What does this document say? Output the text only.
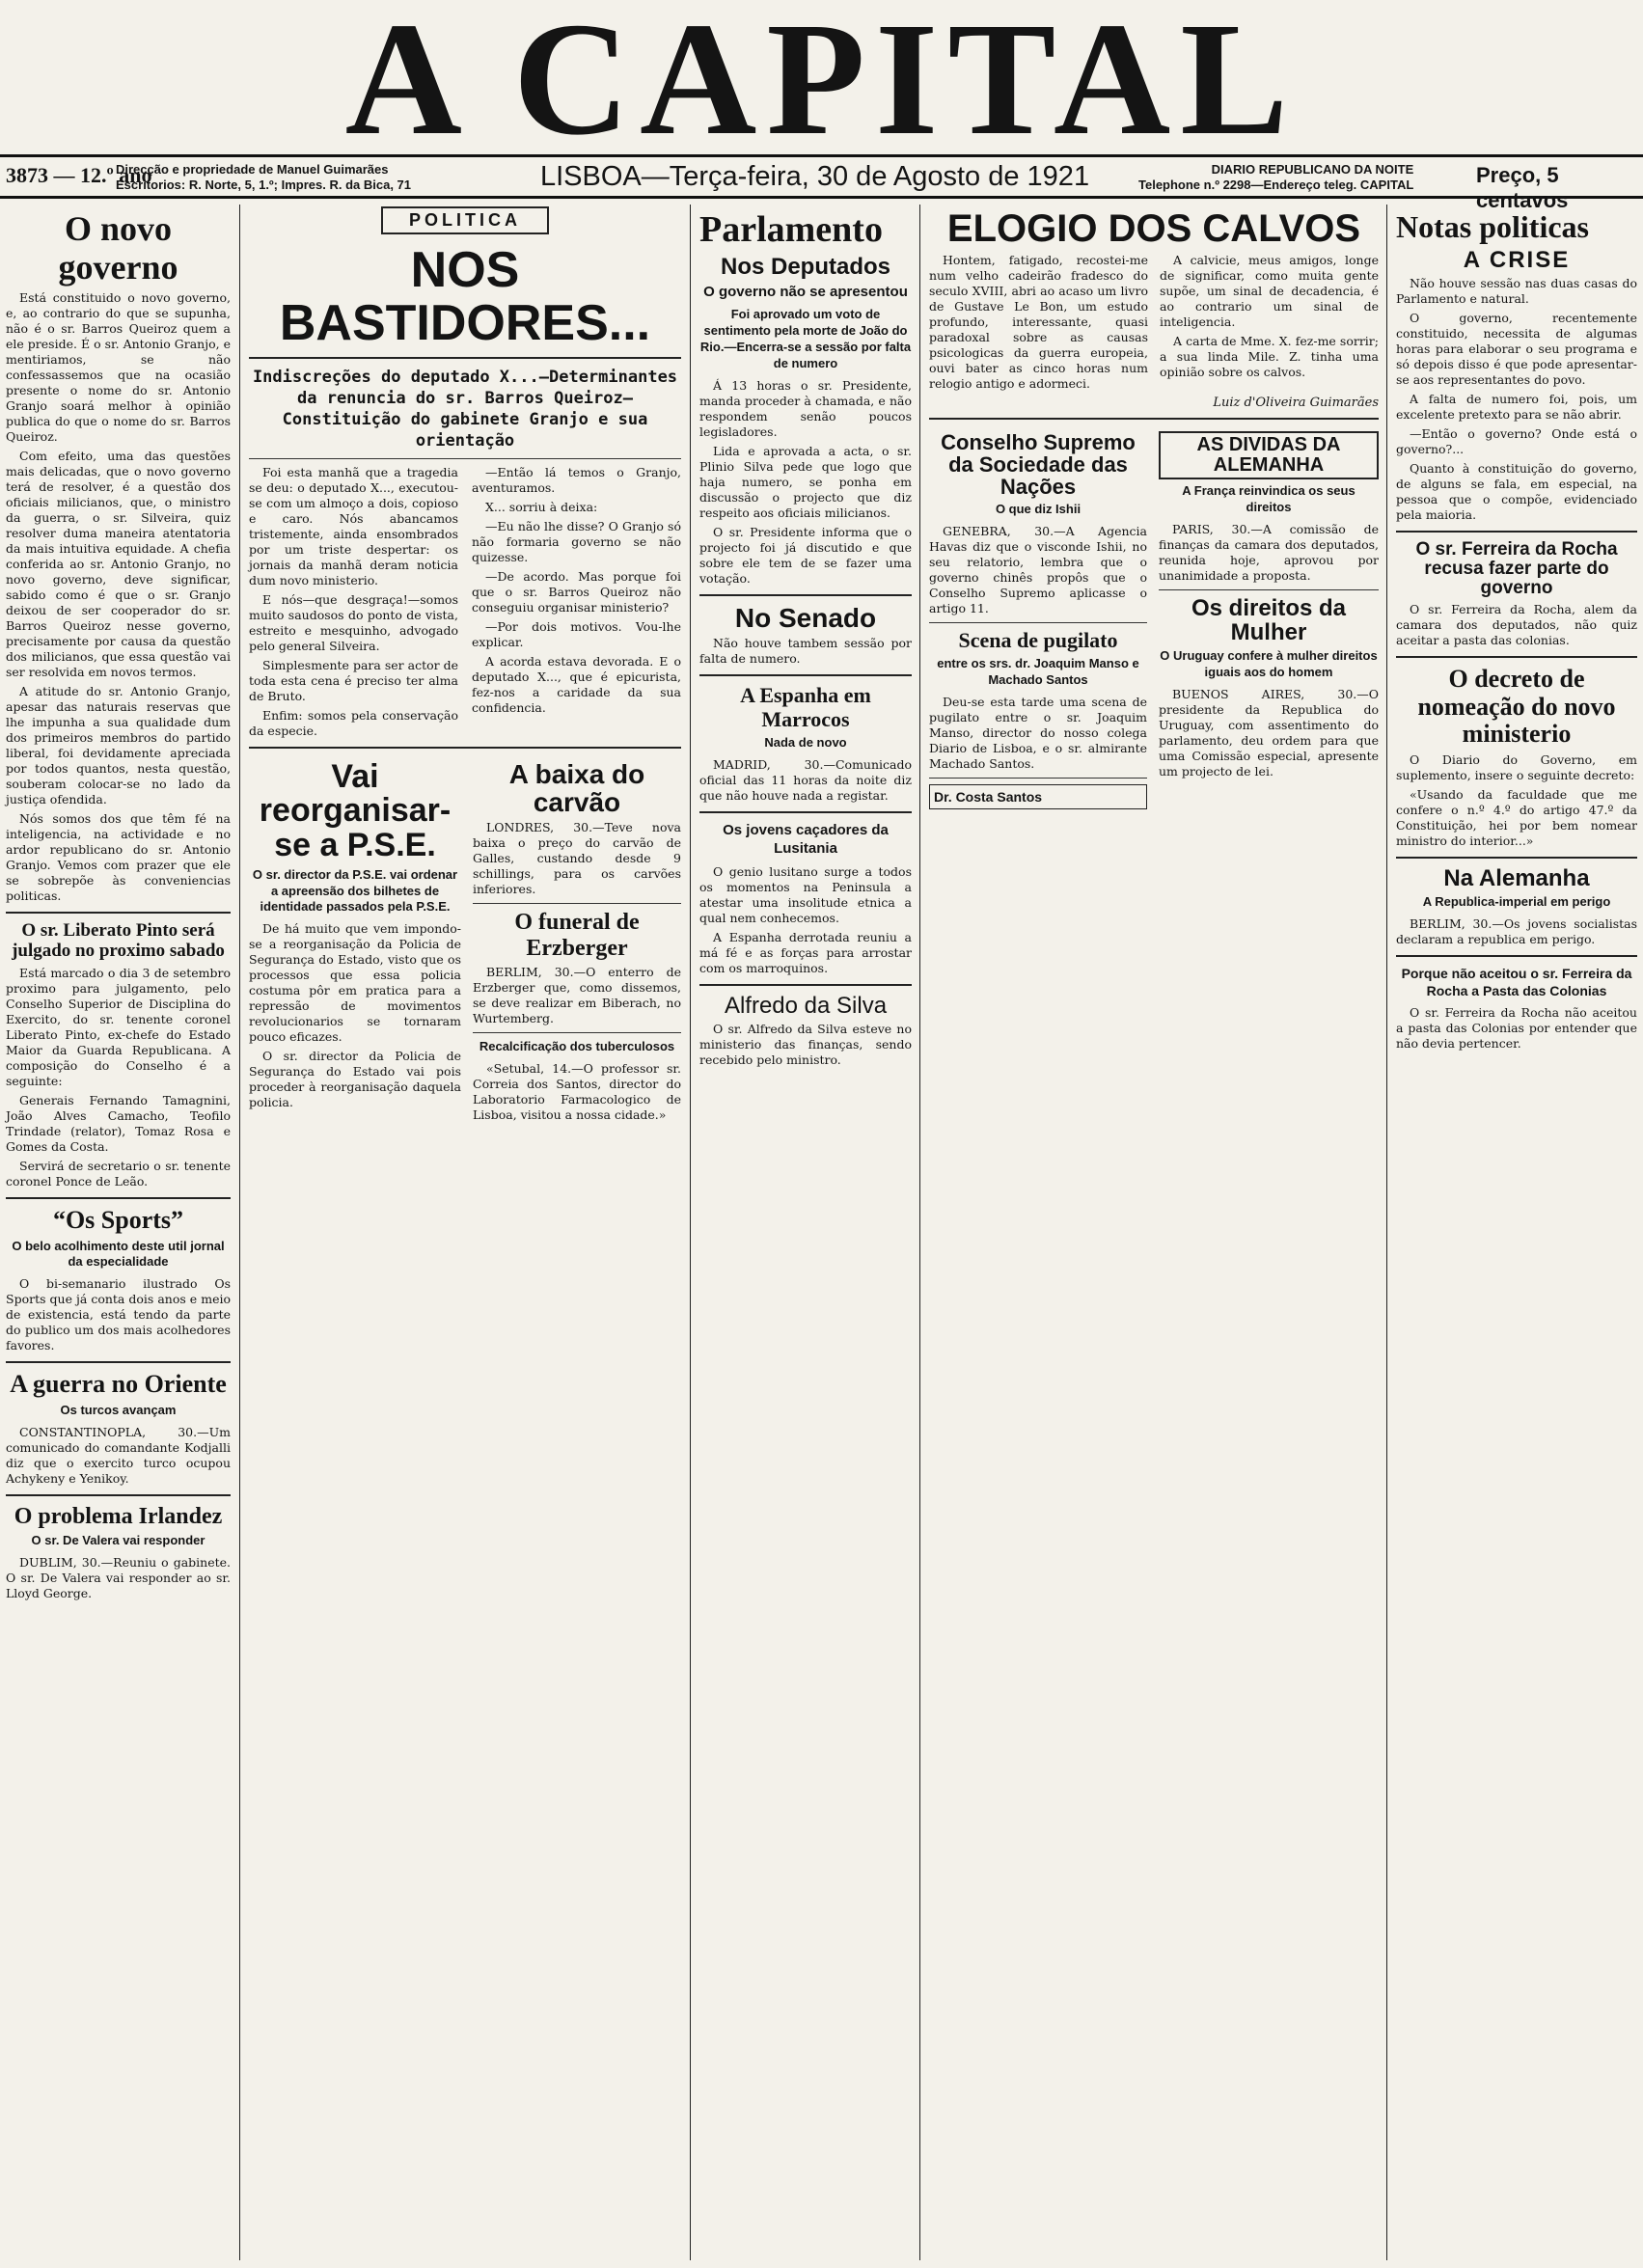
A CAPITAL
3873 — 12.º ano
Direcção e propriedade de Manuel Guimarães
Escritorios: R. Norte, 5, 1.º; Impres. R. da Bica, 71	LISBOA—Terça-feira, 30 de Agosto de 1921	DIARIO REPUBLICANO DA NOITE
Telephone n.º 2298—Endereço teleg. CAPITAL	Preço, 5 centavos
O novo governo

Está constituido o novo governo, e, ao contrario do que se supunha, não é o sr. Barros Queiroz quem a ele preside. É o sr. Antonio Granjo, e mentiriamos, se não confessassemos que na ocasião presente o nome do sr. Antonio Granjo soará melhor à opinião publica do que o nome do sr. Barros Queiroz.

Com efeito, uma das questões mais delicadas, que o novo governo terá de resolver, é a questão dos oficiais milicianos, que, o ministro da guerra, o sr. Silveira, quiz resolver duma maneira atentatoria da mais intuitiva equidade. A chefia conferida ao sr. Antonio Granjo, no novo governo, deve significar, sabido como é que o sr. Granjo deixou de ser cooperador do sr. Barros Queiroz nesse governo, precisamente por causa da questão dos milicianos, que essa questão vai ser resolvida em novos termos.

A atitude do sr. Antonio Granjo, apesar das naturais reservas que lhe impunha a sua qualidade dum dos primeiros membros do partido liberal, foi devidamente apreciada por todos quantos, nesta questão, souberam colocar-se no lado da justiça ofendida.

Nós somos dos que têm fé na inteligencia, na actividade e no ardor republicano do sr. Antonio Granjo. Vemos com prazer que ele se sobrepõe às conveniencias politicas.

O sr. Liberato Pinto será julgado no proximo sabado

Está marcado o dia 3 de setembro proximo para julgamento, pelo Conselho Superior de Disciplina do Exercito, do sr. tenente coronel Liberato Pinto, ex-chefe do Estado Maior da Guarda Republicana. A composição do Conselho é a seguinte:

Generais Fernando Tamagnini, João Alves Camacho, Teofilo Trindade (relator), Tomaz Rosa e Gomes da Costa.

Servirá de secretario o sr. tenente coronel Ponce de Leão.

“Os Sports”
O belo acolhimento deste util jornal da especialidade

O bi-semanario ilustrado Os Sports que já conta dois anos e meio de existencia, está tendo da parte do publico um dos mais acolhedores favores.

A guerra no Oriente
Os turcos avançam

CONSTANTINOPLA, 30.—Um comunicado do comandante Kodjalli diz que o exercito turco ocupou Achykeny e Yenikoy.

O problema Irlandez
O sr. De Valera vai responder

DUBLIM, 30.—Reuniu o gabinete. O sr. De Valera vai responder ao sr. Lloyd George.

POLITICA
NOS BASTIDORES...
Indiscreções do deputado X...—Determinantes da renuncia do sr. Barros Queiroz—Constituição do gabinete Granjo e sua orientação

Foi esta manhã que a tragedia se deu: o deputado X..., executou-se com um almoço a dois, copioso e caro. Nós abancamos tristemente, ainda ensombrados por um triste despertar: os jornais da manhã deram noticia dum novo ministerio.

E nós—que desgraça!—somos muito saudosos do ponto de vista, estreito e mesquinho, advogado pelo general Silveira.

Simplesmente para ser actor de toda esta cena é preciso ter alma de Bruto.

Enfim: somos pela conservação da especie.

—Então lá temos o Granjo, aventuramos.

X... sorriu à deixa:

—Eu não lhe disse? O Granjo só não formaria governo se não quizesse.

—De acordo. Mas porque foi que o sr. Barros Queiroz não conseguiu organisar ministerio?

—Por dois motivos. Vou-lhe explicar.

A acorda estava devorada. E o deputado X..., que é epicurista, fez-nos a caridade da sua confidencia.

Vai reorganisar-se a P.S.E.
O sr. director da P.S.E. vai ordenar a apreensão dos bilhetes de identidade passados pela P.S.E.

De há muito que vem impondo-se a reorganisação da Policia de Segurança do Estado, visto que os processos que essa policia costuma pôr em pratica para a repressão de movimentos revolucionarios se tornaram pouco eficazes.

O sr. director da Policia de Segurança do Estado vai pois proceder à reorganisação daquela policia.

A baixa do carvão

LONDRES, 30.—Teve nova baixa o preço do carvão de Galles, custando desde 9 schillings, para os carvões inferiores.

O funeral de Erzberger

BERLIM, 30.—O enterro de Erzberger que, como dissemos, se deve realizar em Biberach, no Wurtemberg.

Recalcificação dos tuberculosos

«Setubal, 14.—O professor sr. Correia dos Santos, director do Laboratorio Farmacologico de Lisboa, visitou a nossa cidade.»

Parlamento
Nos Deputados
O governo não se apresentou
Foi aprovado um voto de sentimento pela morte de João do Rio.—Encerra-se a sessão por falta de numero

Á 13 horas o sr. Presidente, manda proceder à chamada, e não respondem senão poucos legisladores.

Lida e aprovada a acta, o sr. Plinio Silva pede que logo que haja numero, se ponha em discussão o projecto que diz respeito aos oficiais milicianos.

O sr. Presidente informa que o projecto foi já discutido e que sobre ele tem de se fazer uma votação.

No Senado

Não houve tambem sessão por falta de numero.

A Espanha em Marrocos
Nada de novo

MADRID, 30.—Comunicado oficial das 11 horas da noite diz que não houve nada a registar.

Os jovens caçadores da Lusitania

O genio lusitano surge a todos os momentos na Peninsula a atestar uma insolitude etnica a qual nem conhecemos.

A Espanha derrotada reuniu a má fé e as forças para arrostar com os marroquinos.

Alfredo da Silva

O sr. Alfredo da Silva esteve no ministerio das finanças, sendo recebido pelo ministro.

ELOGIO DOS CALVOS

Hontem, fatigado, recostei-me num velho cadeirão fradesco do seculo XVIII, abri ao acaso um livro de Gustave Le Bon, um estudo profundo, interessante, quasi paradoxal sobre as causas psicologicas da guerra europeia, ouvi bater as cinco horas num relogio antigo e adormeci.

A calvicie, meus amigos, longe de significar, como muita gente supõe, um sinal de decadencia, é ao contrario um sinal de inteligencia.

A carta de Mme. X. fez-me sorrir; a sua linda Mile. Z. tinha uma opinião sobre os calvos.

Luiz d'Oliveira Guimarães
Conselho Supremo da Sociedade das Nações
O que diz Ishii

GENEBRA, 30.—A Agencia Havas diz que o visconde Ishii, no seu relatorio, lembra que o governo chinês propôs que o Conselho Supremo aplicasse o artigo 11.

Scena de pugilato
entre os srs. dr. Joaquim Manso e Machado Santos

Deu-se esta tarde uma scena de pugilato entre o sr. Joaquim Manso, director do nosso colega Diario de Lisboa, e o sr. almirante Machado Santos.

Dr. Costa Santos
AS DIVIDAS DA ALEMANHA
A França reinvindica os seus direitos

PARIS, 30.—A comissão de finanças da camara dos deputados, reunida hoje, aprovou por unanimidade a proposta.

Os direitos da Mulher
O Uruguay confere à mulher direitos iguais aos do homem

BUENOS AIRES, 30.—O presidente da Republica do Uruguay, com assentimento do parlamento, deu ordem para que uma Comissão especial, apresente um projecto de lei.

Notas politicas
A CRISE

Não houve sessão nas duas casas do Parlamento e natural.

O governo, recentemente constituido, necessita de algumas horas para elaborar o seu programa e só depois disso é que pode apresentar-se aos representantes do povo.

A falta de numero foi, pois, um excelente pretexto para se não abrir.

—Então o governo? Onde está o governo?...

Quanto à constituição do governo, de alguns se fala, em especial, na pessoa que o compõe, evidenciado pela maioria.

O sr. Ferreira da Rocha recusa fazer parte do governo

O sr. Ferreira da Rocha, alem da camara dos deputados, não quiz aceitar a pasta das colonias.

O decreto de nomeação do novo ministerio

O Diario do Governo, em suplemento, insere o seguinte decreto:

«Usando da faculdade que me confere o n.º 4.º do artigo 47.º da Constituição, hei por bem nomear ministro do interior...»

Na Alemanha
A Republica-imperial em perigo

BERLIM, 30.—Os jovens socialistas declaram a republica em perigo.

Porque não aceitou o sr. Ferreira da Rocha a Pasta das Colonias

O sr. Ferreira da Rocha não aceitou a pasta das Colonias por entender que não devia pertencer.
